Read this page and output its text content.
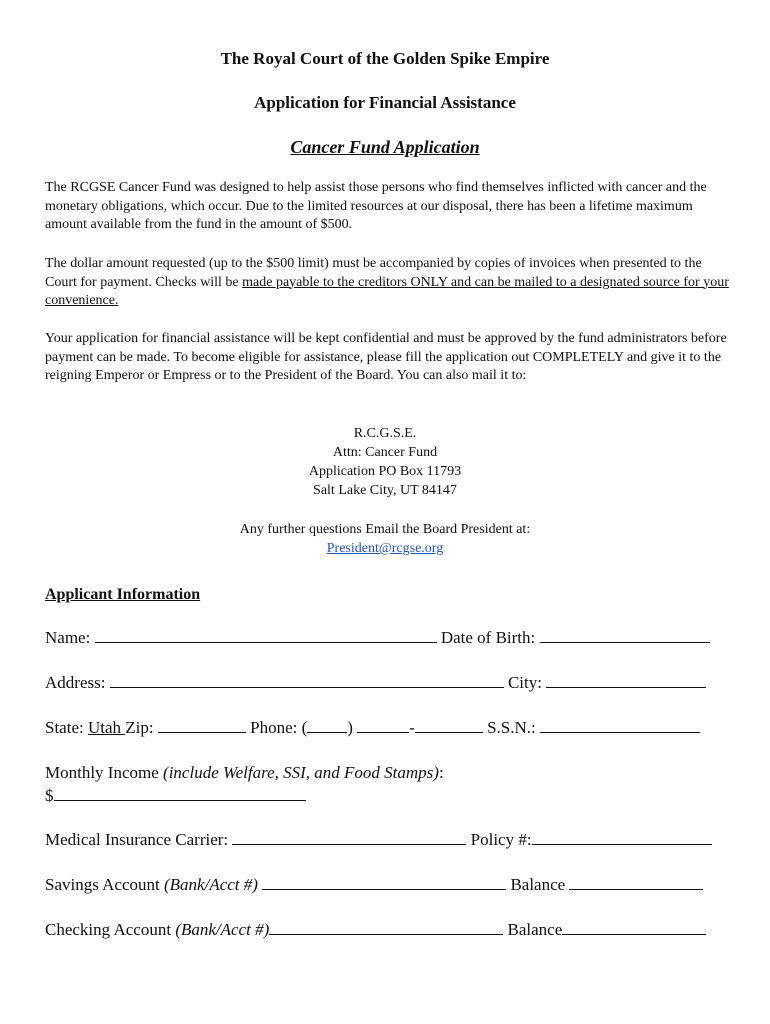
The Royal Court of the Golden Spike Empire
Application for Financial Assistance
Cancer Fund Application
The RCGSE Cancer Fund was designed to help assist those persons who find themselves inflicted with cancer and the monetary obligations, which occur. Due to the limited resources at our disposal, there has been a lifetime maximum amount available from the fund in the amount of $500.
The dollar amount requested (up to the $500 limit) must be accompanied by copies of invoices when presented to the Court for payment. Checks will be made payable to the creditors ONLY and can be mailed to a designated source for your convenience.
Your application for financial assistance will be kept confidential and must be approved by the fund administrators before payment can be made. To become eligible for assistance, please fill the application out COMPLETELY and give it to the reigning Emperor or Empress or to the President of the Board. You can also mail it to:
R.C.G.S.E.
Attn: Cancer Fund
Application PO Box 11793
Salt Lake City, UT 84147
Any further questions Email the Board President at:
President@rcgse.org
Applicant Information
Name:	Date of Birth:
Address:	City:
State: Utah Zip:	Phone: ( )	-	S.S.N.:
Monthly Income (include Welfare, SSI, and Food Stamps):
$
Medical Insurance Carrier:	Policy #:
Savings Account (Bank/Acct #)	Balance
Checking Account (Bank/Acct #)	Balance
